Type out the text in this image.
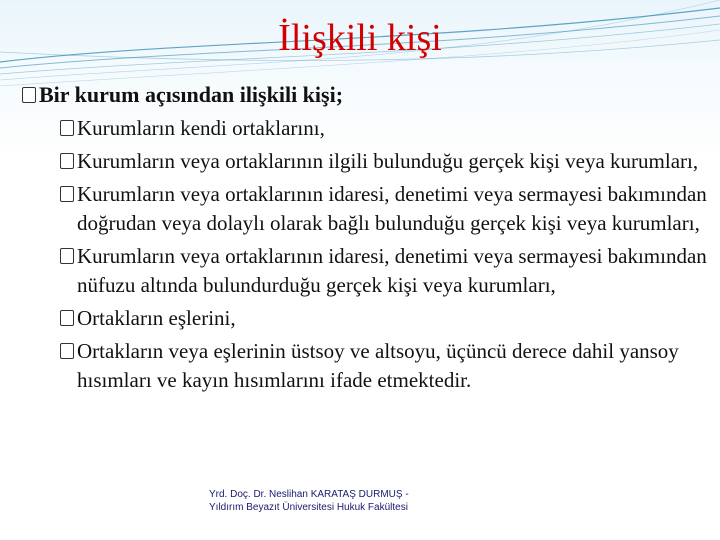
İlişkili kişi
Bir kurum açısından ilişkili kişi;
Kurumların kendi ortaklarını,
Kurumların veya ortaklarının ilgili bulunduğu gerçek kişi veya kurumları,
Kurumların veya ortaklarının idaresi, denetimi veya sermayesi bakımından doğrudan veya dolaylı olarak bağlı bulunduğu gerçek kişi veya kurumları,
Kurumların veya ortaklarının idaresi, denetimi veya sermayesi bakımından nüfuzu altında bulundurduğu gerçek kişi veya kurumları,
Ortakların eşlerini,
Ortakların veya eşlerinin üstsoy ve altsoyu, üçüncü derece dahil yansoy hısımları ve kayın hısımlarını ifade etmektedir.
Yrd. Doç. Dr. Neslihan KARATAŞ DURMUŞ -
Yıldırım Beyazıt Üniversitesi Hukuk Fakültesi
